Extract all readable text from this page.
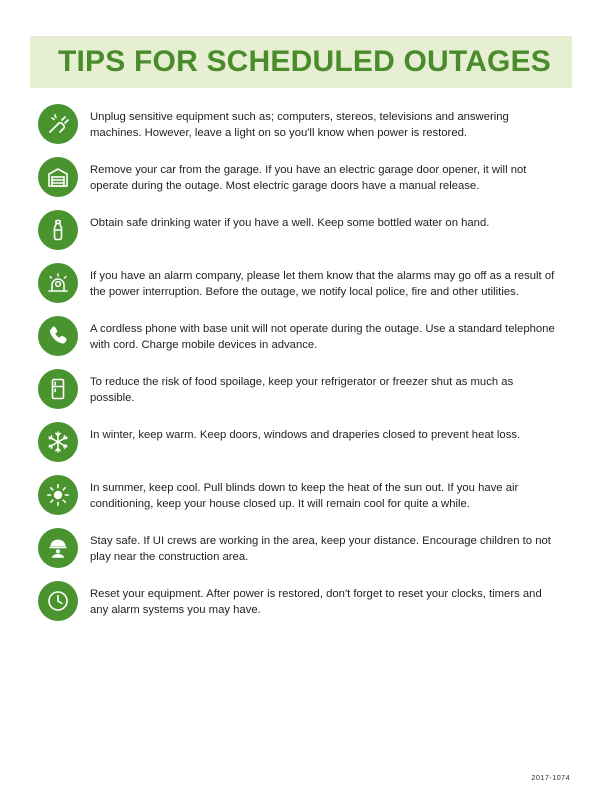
TIPS FOR SCHEDULED OUTAGES
Unplug sensitive equipment such as; computers, stereos, televisions and answering machines. However, leave a light on so you'll know when power is restored.
Remove your car from the garage. If you have an electric garage door opener, it will not operate during the outage. Most electric garage doors have a manual release.
Obtain safe drinking water if you have a well. Keep some bottled water on hand.
If you have an alarm company, please let them know that the alarms may go off as a result of the power interruption. Before the outage, we notify local police, fire and other utilities.
A cordless phone with base unit will not operate during the outage. Use a standard telephone with cord. Charge mobile devices in advance.
To reduce the risk of food spoilage, keep your refrigerator or freezer shut as much as possible.
In winter, keep warm. Keep doors, windows and draperies closed to prevent heat loss.
In summer, keep cool. Pull blinds down to keep the heat of the sun out. If you have air conditioning, keep your house closed up. It will remain cool for quite a while.
Stay safe. If UI crews are working in the area, keep your distance. Encourage children to not play near the construction area.
Reset your equipment. After power is restored, don't forget to reset your clocks, timers and any alarm systems you may have.
2017-1074
